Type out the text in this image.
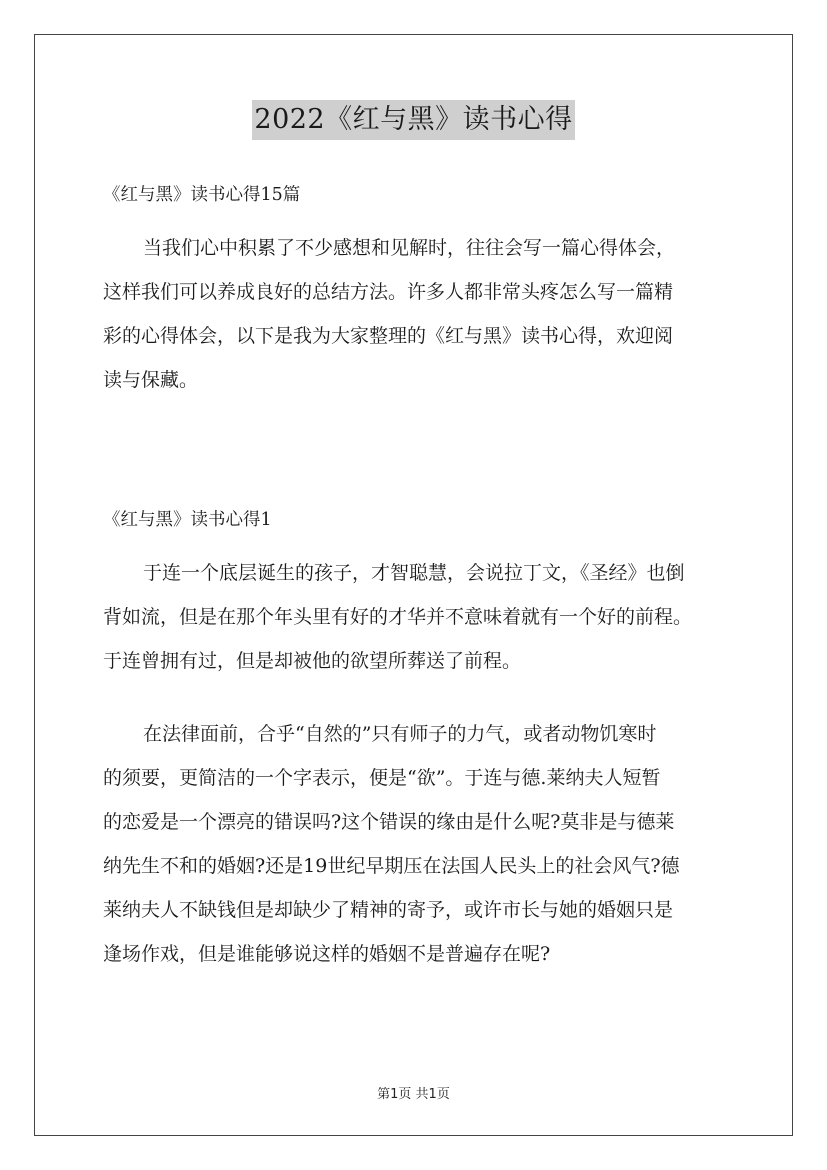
2022《红与黑》读书心得
《红与黑》读书心得15篇
当我们心中积累了不少感想和见解时，往往会写一篇心得体会，
这样我们可以养成良好的总结方法。许多人都非常头疼怎么写一篇精
彩的心得体会，以下是我为大家整理的《红与黑》读书心得，欢迎阅
读与保藏。
《红与黑》读书心得1
于连一个底层诞生的孩子，才智聪慧，会说拉丁文，《圣经》也倒
背如流，但是在那个年头里有好的才华并不意味着就有一个好的前程。
于连曾拥有过，但是却被他的欲望所葬送了前程。
在法律面前，合乎“自然的”只有师子的力气，或者动物饥寒时
的须要，更简洁的一个字表示，便是“欲”。于连与德.莱纳夫人短暂
的恋爱是一个漂亮的错误吗?这个错误的缘由是什么呢?莫非是与德莱
纳先生不和的婚姻?还是19世纪早期压在法国人民头上的社会风气?德
莱纳夫人不缺钱但是却缺少了精神的寄予，或许市长与她的婚姻只是
逢场作戏，但是谁能够说这样的婚姻不是普遍存在呢?
第1页 共1页
